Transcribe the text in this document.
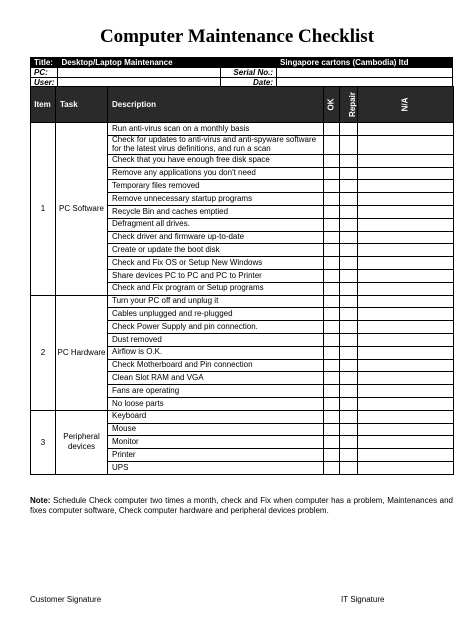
Computer Maintenance Checklist
Title:	Desktop/Laptop Maintenance		Singapore cartons (Cambodia) ltd
PC:		Serial No.:	
User:		Date:	
Item	Task	Description	OK	Repair	N/A
1	PC Software	Run anti-virus scan on a monthly basis			
		Check for updates to anti-virus and anti-spyware software for the latest virus definitions, and run a scan			
		Check that you have enough free disk space			
		Remove any applications you don't need			
		Temporary files removed			
		Remove unnecessary startup programs			
		Recycle Bin and caches emptied			
		Defragment all drives.			
		Check driver and firmware up-to-date			
		Create or update the boot disk			
		Check and Fix OS or Setup New Windows			
		Share devices PC to PC and PC to Printer			
		Check and Fix program or Setup programs			
2	PC Hardware	Turn your PC off and unplug it			
		Cables unplugged and re-plugged			
		Check Power Supply and pin connection.			
		Dust removed			
		Airflow is O.K.			
		Check Motherboard and Pin connection			
		Clean Slot RAM and VGA			
		Fans are operating			
		No loose parts			
3	Peripheral devices	Keyboard			
		Mouse			
		Monitor			
		Printer			
		UPS			
Note: Schedule Check computer two times a month, check and Fix when computer has a problem, Maintenances and fixes computer software, Check computer hardware and peripheral devices problem.
Customer Signature	IT Signature
